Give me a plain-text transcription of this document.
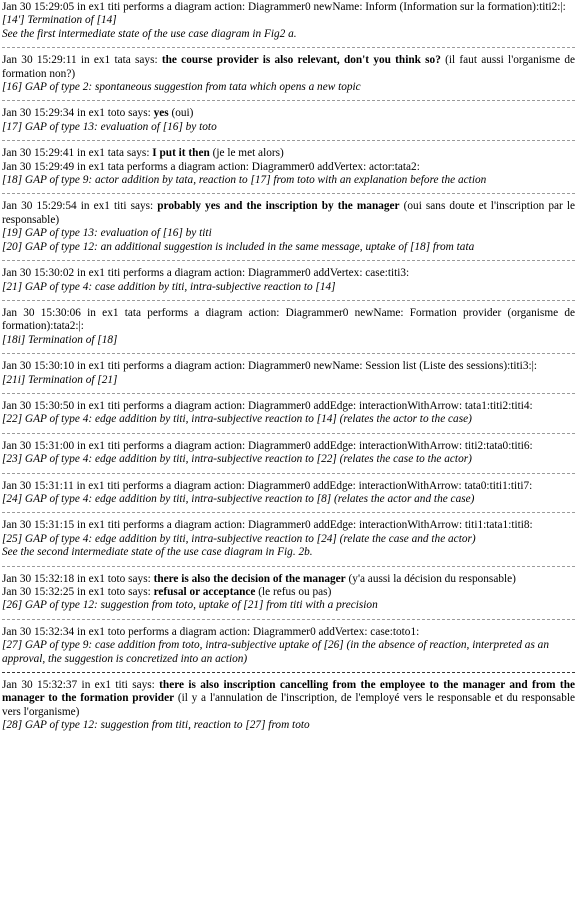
Jan 30 15:29:05 in ex1 titi performs a diagram action: Diagrammer0 newName: Inform (Information sur la formation):titi2:|:
[14'] Termination of [14]
See the first intermediate state of the use case diagram in Fig2 a.
Jan 30 15:29:11 in ex1 tata says: the course provider is also relevant, don't you think so? (il faut aussi l'organisme de formation non?)
[16] GAP of type 2: spontaneous suggestion from tata which opens a new topic
Jan 30 15:29:34 in ex1 toto says: yes (oui)
[17] GAP of type 13: evaluation of [16] by toto
Jan 30 15:29:41 in ex1 tata says: I put it then (je le met alors)
Jan 30 15:29:49 in ex1 tata performs a diagram action: Diagrammer0 addVertex: actor:tata2:
[18] GAP of type 9: actor addition by tata, reaction to [17] from toto with an explanation before the action
Jan 30 15:29:54 in ex1 titi says: probably yes and the inscription by the manager (oui sans doute et l'inscription par le responsable)
[19] GAP of type 13: evaluation of [16] by titi
[20] GAP of type 12: an additional suggestion is included in the same message, uptake of [18] from tata
Jan 30 15:30:02 in ex1 titi performs a diagram action: Diagrammer0 addVertex: case:titi3:
[21] GAP of type 4: case addition by titi, intra-subjective reaction to [14]
Jan 30 15:30:06 in ex1 tata performs a diagram action: Diagrammer0 newName: Formation provider (organisme de formation):tata2:|:
[18i] Termination of [18]
Jan 30 15:30:10 in ex1 titi performs a diagram action: Diagrammer0 newName: Session list (Liste des sessions):titi3:|:
[21i] Termination of [21]
Jan 30 15:30:50 in ex1 titi performs a diagram action: Diagrammer0 addEdge: interactionWithArrow: tata1:titi2:titi4:
[22] GAP of type 4: edge addition by titi, intra-subjective reaction to [14] (relates the actor to the case)
Jan 30 15:31:00 in ex1 titi performs a diagram action: Diagrammer0 addEdge: interactionWithArrow: titi2:tata0:titi6:
[23] GAP of type 4: edge addition by titi, intra-subjective reaction to [22] (relates the case to the actor)
Jan 30 15:31:11 in ex1 titi performs a diagram action: Diagrammer0 addEdge: interactionWithArrow: tata0:titi1:titi7:
[24] GAP of type 4: edge addition by titi, intra-subjective reaction to [8] (relates the actor and the case)
Jan 30 15:31:15 in ex1 titi performs a diagram action: Diagrammer0 addEdge: interactionWithArrow: titi1:tata1:titi8:
[25] GAP of type 4: edge addition by titi, intra-subjective reaction to [24] (relate the case and the actor)
See the second intermediate state of the use case diagram in Fig. 2b.
Jan 30 15:32:18 in ex1 toto says: there is also the decision of the manager (y'a aussi la décision du responsable)
Jan 30 15:32:25 in ex1 toto says: refusal or acceptance (le refus ou pas)
[26] GAP of type 12: suggestion from toto, uptake of [21] from titi with a precision
Jan 30 15:32:34 in ex1 toto performs a diagram action: Diagrammer0 addVertex: case:toto1:
[27] GAP of type 9: case addition from toto, intra-subjective uptake of [26] (in the absence of reaction, interpreted as an approval, the suggestion is concretized into an action)
Jan 30 15:32:37 in ex1 titi says: there is also inscription cancelling from the employee to the manager and from the manager to the formation provider (il y a l'annulation de l'inscription, de l'employé vers le responsable et du responsable vers l'organisme)
[28] GAP of type 12: suggestion from titi, reaction to [27] from toto
